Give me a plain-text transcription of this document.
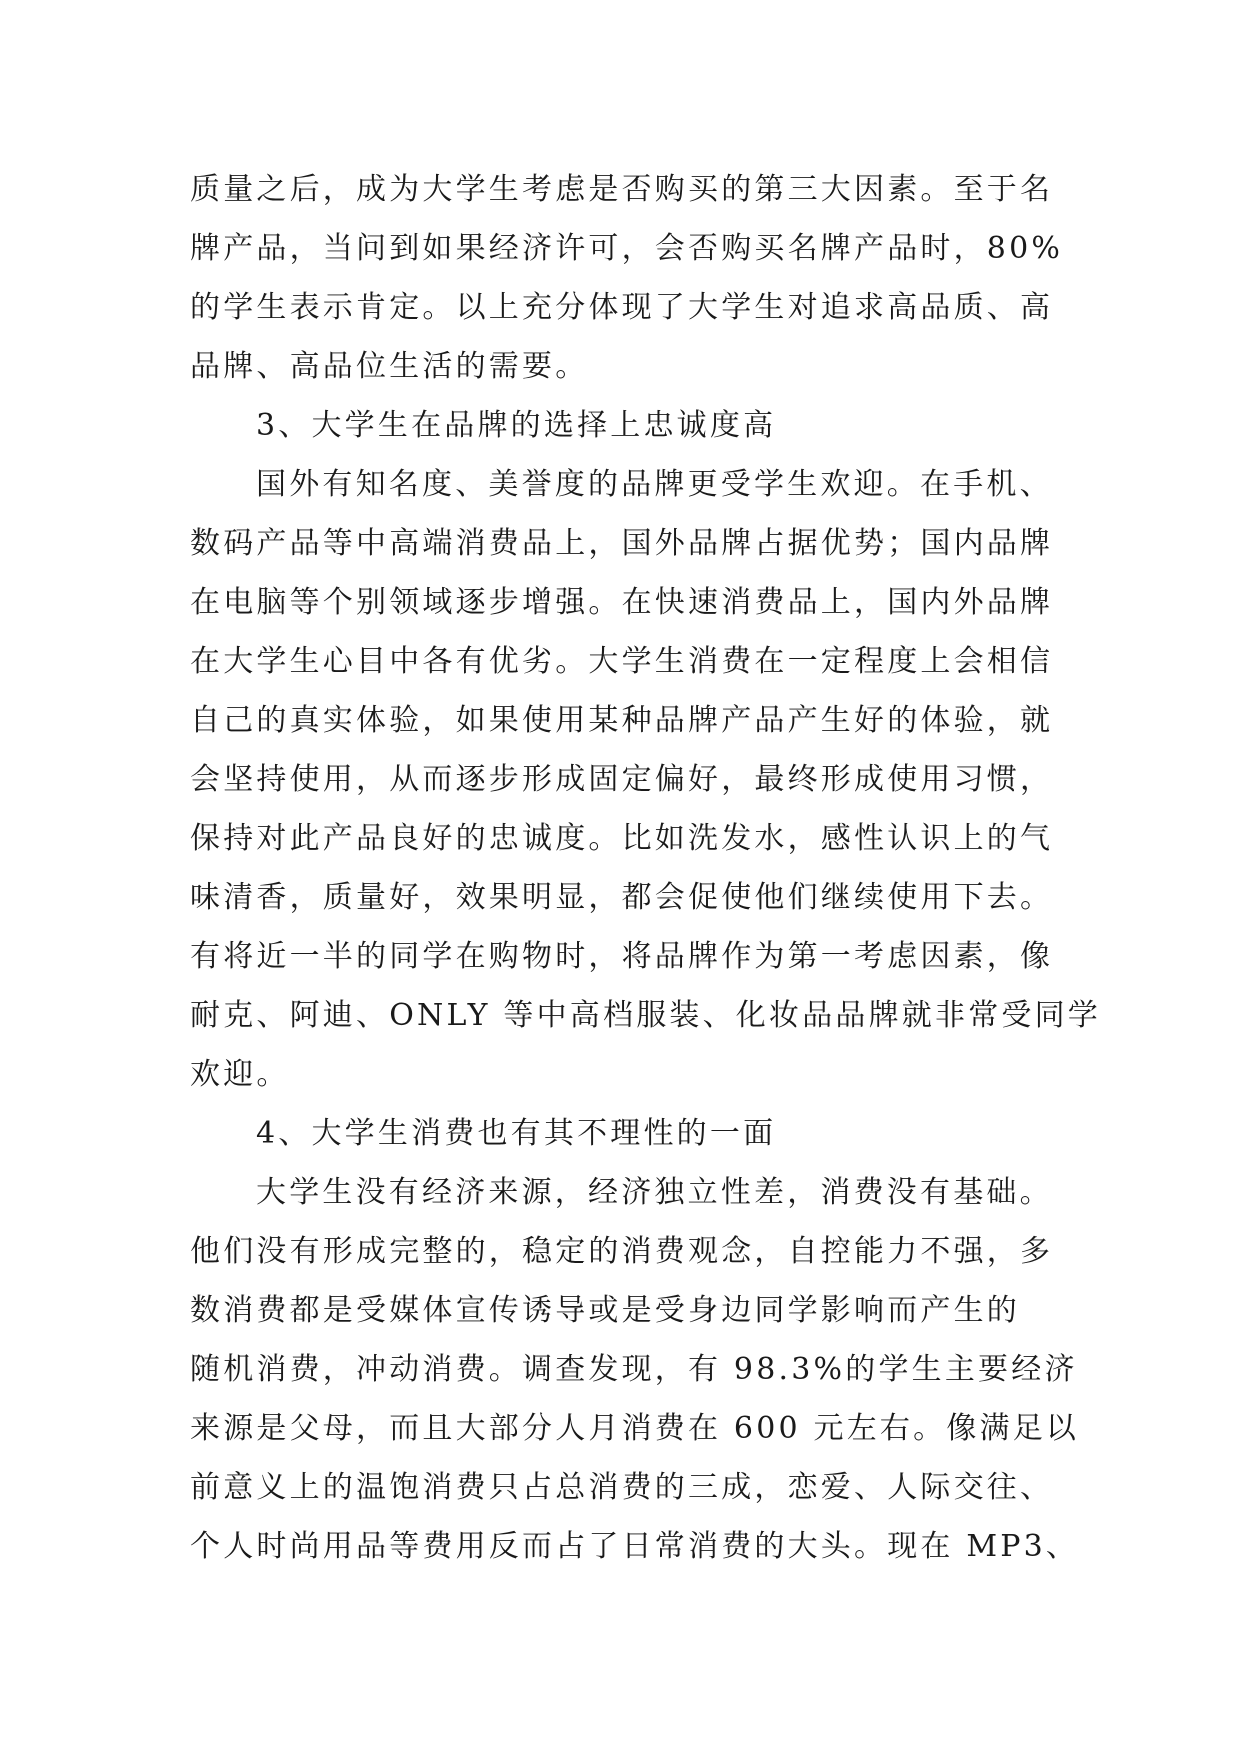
质量之后，成为大学生考虑是否购买的第三大因素。至于名
牌产品，当问到如果经济许可，会否购买名牌产品时，80%
的学生表示肯定。以上充分体现了大学生对追求高品质、高
品牌、高品位生活的需要。
3、大学生在品牌的选择上忠诚度高
国外有知名度、美誉度的品牌更受学生欢迎。在手机、
数码产品等中高端消费品上，国外品牌占据优势；国内品牌
在电脑等个别领域逐步增强。在快速消费品上，国内外品牌
在大学生心目中各有优劣。大学生消费在一定程度上会相信
自己的真实体验，如果使用某种品牌产品产生好的体验，就
会坚持使用，从而逐步形成固定偏好，最终形成使用习惯，
保持对此产品良好的忠诚度。比如洗发水，感性认识上的气
味清香，质量好，效果明显，都会促使他们继续使用下去。
有将近一半的同学在购物时，将品牌作为第一考虑因素，像
耐克、阿迪、ONLY 等中高档服装、化妆品品牌就非常受同学
欢迎。
4、大学生消费也有其不理性的一面
大学生没有经济来源，经济独立性差，消费没有基础。
他们没有形成完整的，稳定的消费观念，自控能力不强，多
数消费都是受媒体宣传诱导或是受身边同学影响而产生的
随机消费，冲动消费。调查发现，有 98.3%的学生主要经济
来源是父母，而且大部分人月消费在 600 元左右。像满足以
前意义上的温饱消费只占总消费的三成，恋爱、人际交往、
个人时尚用品等费用反而占了日常消费的大头。现在 MP3、
